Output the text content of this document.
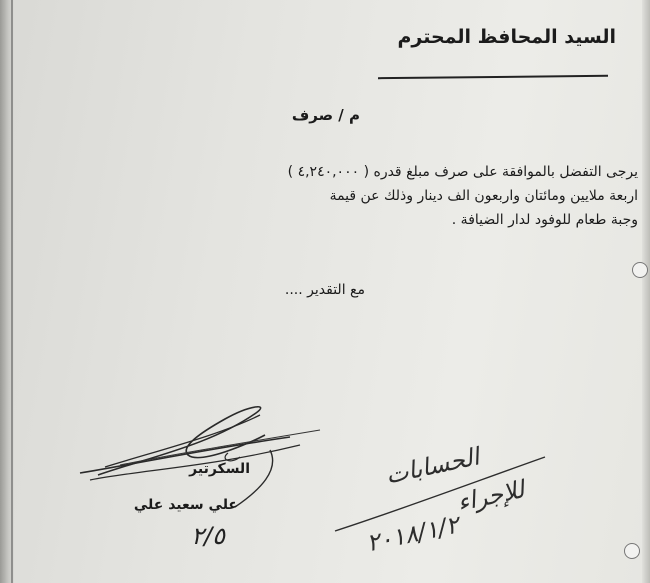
السيد المحافظ المحترم
م / صرف
يرجى التفضل بالموافقة على صرف مبلغ قدره ( ٤,٢٤٠,٠٠٠ )
اربعة ملايين ومائتان واربعون الف دينار وذلك عن قيمة
وجبة طعام للوفود لدار الضيافة .
مع التقدير ....
السكرتير
علي سعيد علي
٢/٥
الحسابات
للإجراء
٢٠١٨/١/٢
